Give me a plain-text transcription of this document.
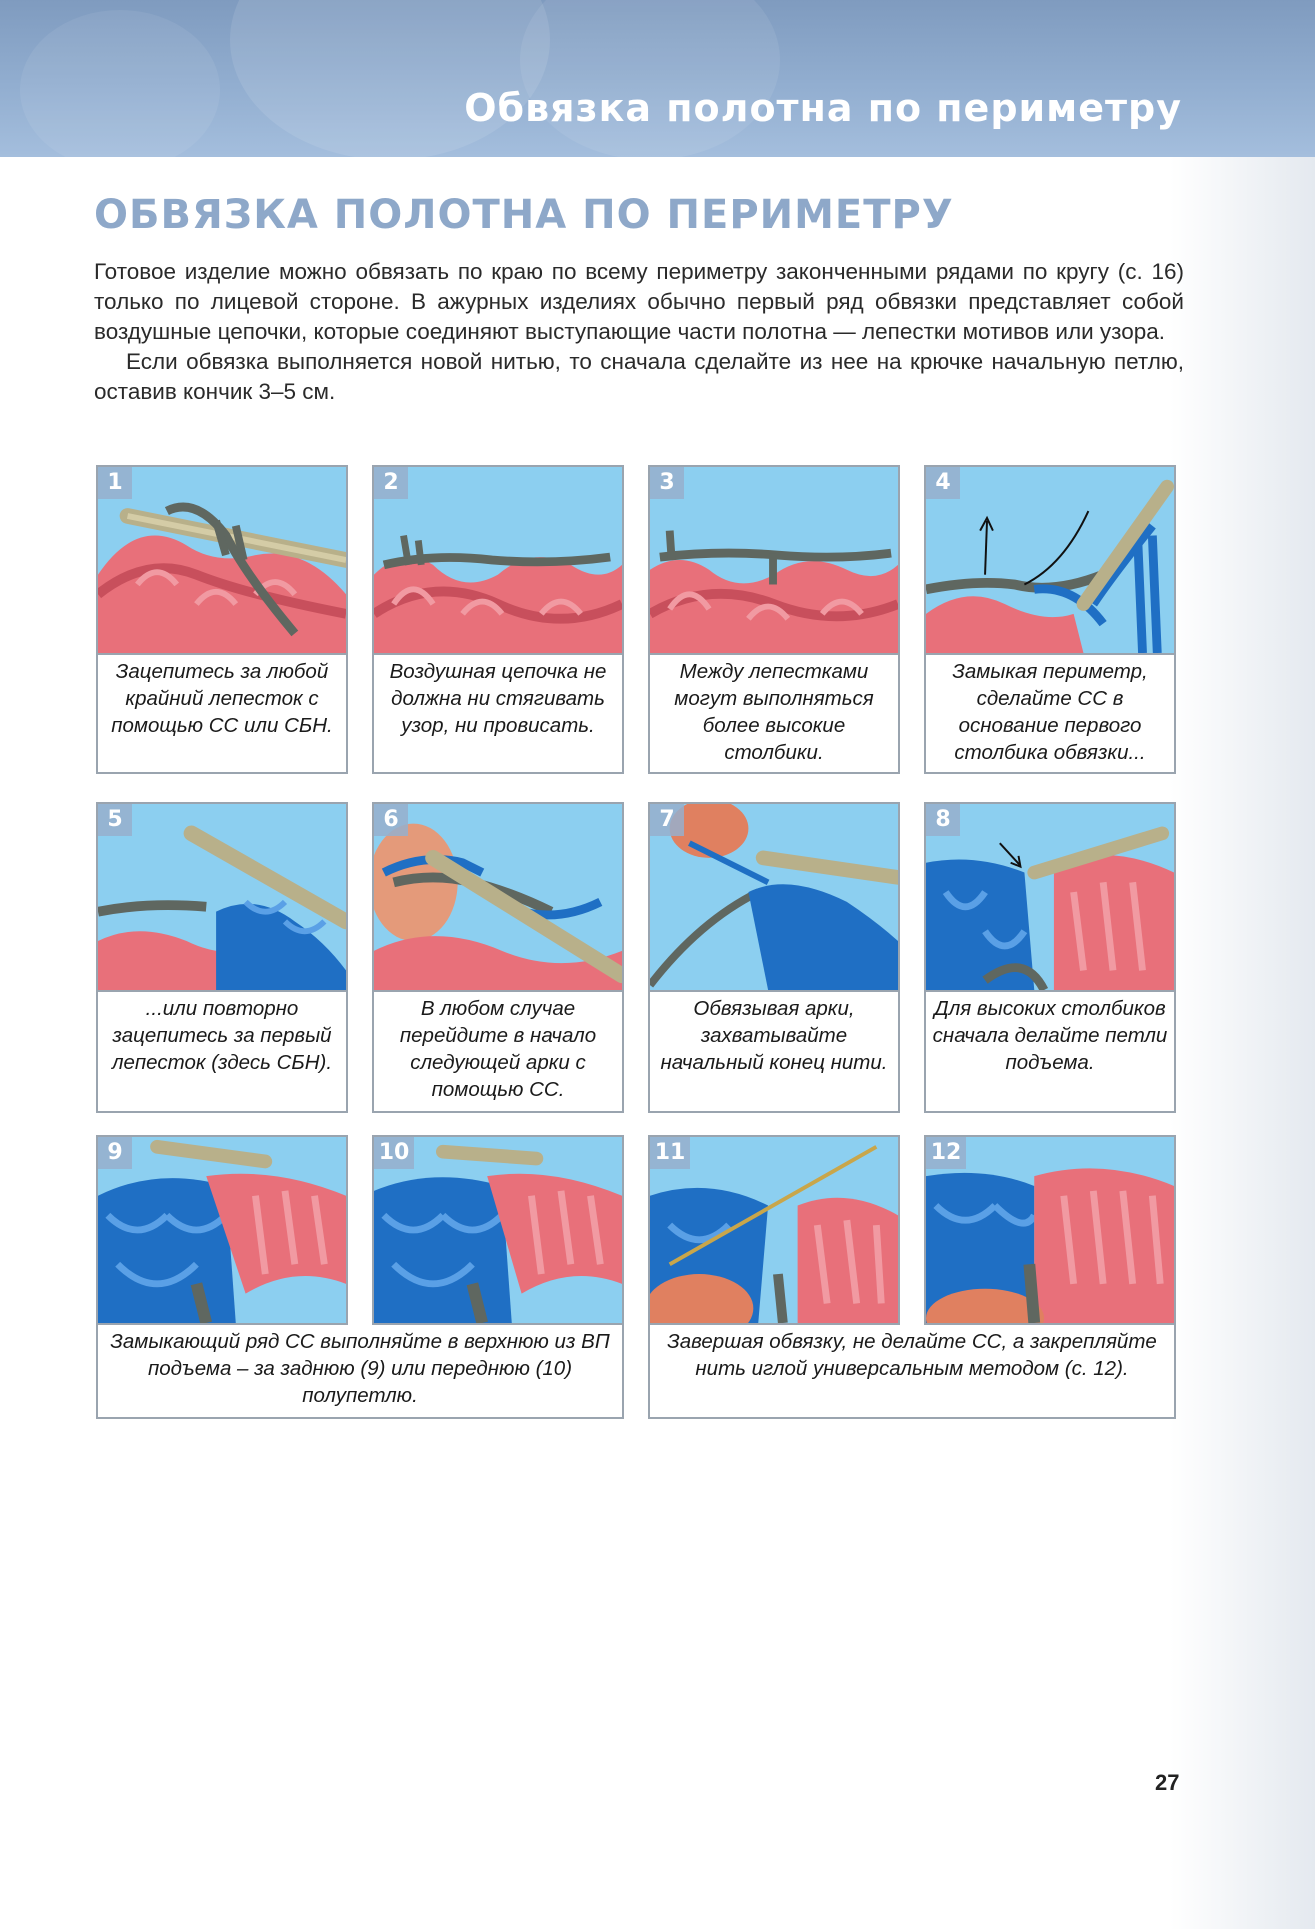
Обвязка полотна по периметру
ОБВЯЗКА ПОЛОТНА ПО ПЕРИМЕТРУ

Готовое изделие можно обвязать по краю по всему периметру законченными рядами по кругу (с. 16) только по лицевой стороне. В ажурных изделиях обычно первый ряд обвязки представляет собой воздушные цепочки, которые соединяют выступающие части полотна — лепестки мотивов или узора.

Если обвязка выполняется новой нитью, то сначала сделайте из нее на крючке начальную петлю, оставив кончик 3–5 см.

1	2	3	4
Зацепитесь за любой крайний лепесток с помощью СС или СБН.
Воздушная цепочка не должна ни стягивать узор, ни провисать.
Между лепестками могут выполняться более высокие столбики.
Замыкая периметр, сделайте СС в основание первого столбика обвязки...
5	6	7	8
...или повторно зацепитесь за первый лепесток (здесь СБН).
В любом случае перейдите в начало следующей арки с помощью СС.
Обвязывая арки, захватывайте начальный конец нити.
Для высоких столбиков сначала делайте петли подъема.
9	10	11	12
Замыкающий ряд СС выполняйте в верхнюю из ВП подъема – за заднюю (9) или переднюю (10) полупетлю.
Завершая обвязку, не делайте СС, а закрепляйте нить иглой универсальным методом (с. 12).
27
